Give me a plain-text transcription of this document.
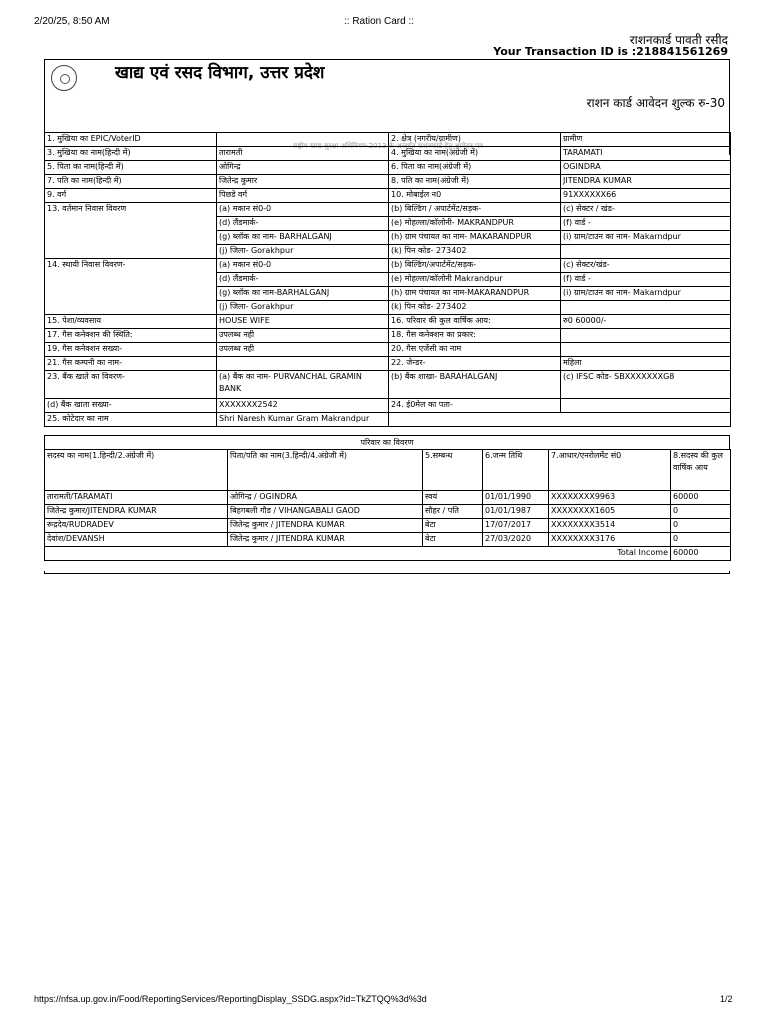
2/20/25, 8:50 AM	:: Ration Card ::
राशनकार्ड पावती रसीद
Your Transaction ID is :218841561269
खाद्य एवं रसद विभाग, उत्तर प्रदेश
राशन कार्ड आवेदन शुल्क रु-30
राष्ट्रीय खाद्य सुरक्षा अधिनियम-2013 के अन्तर्गत राशनकार्ड हेतु आवेदन पत्र
1. मुखिया का EPIC/VoterID		2. क्षेत्र (नगरीय/ग्रामीण)	ग्रामीण
3. मुखिया का नाम(हिन्दी में)	तारामती	4. मुखिया का नाम(अंग्रेजी में)	TARAMATI
5. पिता का नाम(हिन्दी में)	ओगिन्द्र	6. पिता का नाम(अंग्रेजी में)	OGINDRA
7. पति का नाम(हिन्दी में)	जितेन्द्र कुमार	8. पति का नाम(अंग्रेजी में)	JITENDRA KUMAR
9. वर्ग	पिछडे वर्ग	10. मोबाईल न0	91XXXXXX66
13. वर्तमान निवास विवरण	(a) मकान सं0-0	(b) बिल्डिंग / अपार्टमेंट/सड़क-	(c) सेक्टर / खंड-
	(d) लैंडमार्क-	(e) मोहल्ला/कॉलोनी- MAKRANDPUR	(f) वार्ड -
	(g) ब्लॉक का नाम- BARHALGANJ	(h) ग्राम पंचायत का नाम- MAKARANDPUR	(i) ग्राम/टाउन का नाम- Makarndpur
	(j) जिला- Gorakhpur	(k) पिन कोड- 273402	
14. स्थायी निवास विवरण-	(a) मकान सं0-0	(b) बिल्डिंग/अपार्टमेंट/सड़क-	(c) सेक्टर/खंड-
	(d) लैंडमार्क-	(e) मोहल्ला/कॉलोनी Makrandpur	(f) वार्ड -
	(g) ब्लॉक का नाम-BARHALGANJ	(h) ग्राम पंचायत का नाम-MAKARANDPUR	(i) ग्राम/टाउन का नाम- Makarndpur
	(j) जिला- Gorakhpur	(k) पिन कोड- 273402	
15. पेशा/व्यवसाय	HOUSE WIFE	16. परिवार की कुल वार्षिक आय:	रु0 60000/-
17. गैस कनेक्शन की स्थिति:	उपलब्ध नही	18. गैस कनेक्शन का प्रकार:	
19. गैस कनेक्शन सख्या-	उपलब्ध नही	20. गैस एजेंसी का नाम	
21. गैस कम्पनी का नाम-		22. जेन्डर-	महिला
23. बैंक खाते का विवरण-	(a) बैंक का नाम- PURVANCHAL GRAMIN BANK	(b) बैंक शाखा- BARAHALGANJ	(c) IFSC कोड- SBXXXXXXXG8
(d) बैंक खाता सख्या-	XXXXXXX2542	24. ई0मेल का पता-	
25. कोटेदार का नाम	Shri Naresh Kumar Gram Makrandpur		
परिवार का विवरण
सदस्य का नाम(1.हिन्दी/2.अंग्रेजी में)	पिता/पति का नाम(3.हिन्दी/4.अंग्रेजी में)	5.सम्बन्ध	6.जन्म तिथि	7.आधार/एनरोलमेंट सं0	8.सदस्य की कुल वार्षिक आय
तारामती/TARAMATI	ओगिन्द्र / OGINDRA	स्वयं	01/01/1990	XXXXXXXX9963	60000
जितेन्द्र कुमार/JITENDRA KUMAR	बिहगबली गौड / VIHANGABALI GAOD	सौहर / पति	01/01/1987	XXXXXXXX1605	0
रूद्रदेव/RUDRADEV	जितेन्द्र कुमार / JITENDRA KUMAR	बेटा	17/07/2017	XXXXXXXX3514	0
देवांश/DEVANSH	जितेन्द्र कुमार / JITENDRA KUMAR	बेटा	27/03/2020	XXXXXXXX3176	0
Total Income					60000
https://nfsa.up.gov.in/Food/ReportingServices/ReportingDisplay_SSDG.aspx?id=TkZTQQ%3d%3d	1/2
